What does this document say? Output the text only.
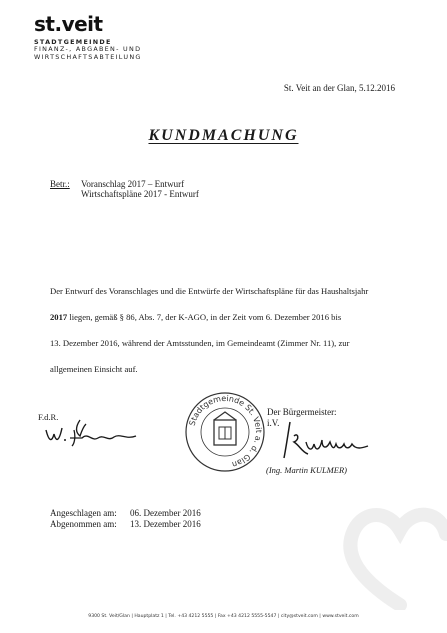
st.veit
STADTGEMEINDE
FINANZ-, ABGABEN- UND
WIRTSCHAFTSABTEILUNG
St. Veit an der Glan, 5.12.2016
KUNDMACHUNG
Betr.: Voranschlag 2017 – Entwurf
Wirtschaftspläne 2017 - Entwurf
Der Entwurf des Voranschlages und die Entwürfe der Wirtschaftspläne für das Haushaltsjahr
2017 liegen, gemäß § 86, Abs. 7, der K-AGO, in der Zeit vom 6. Dezember 2016 bis
13. Dezember 2016, während der Amtsstunden, im Gemeindeamt (Zimmer Nr. 11), zur
allgemeinen Einsicht auf.
F.d.R.
Stadtgemeinde St. Veit a. d. Glan
Der Bürgermeister:
i.V.
(Ing. Martin KULMER)
Angeschlagen am: 06. Dezember 2016
Abgenommen am: 13. Dezember 2016
9300 St. Veit/Glan | Hauptplatz 1 | Tel. +43 4212 5555 | Fax +43 4212 5555-5547 | city@stveit.com | www.stveit.com
